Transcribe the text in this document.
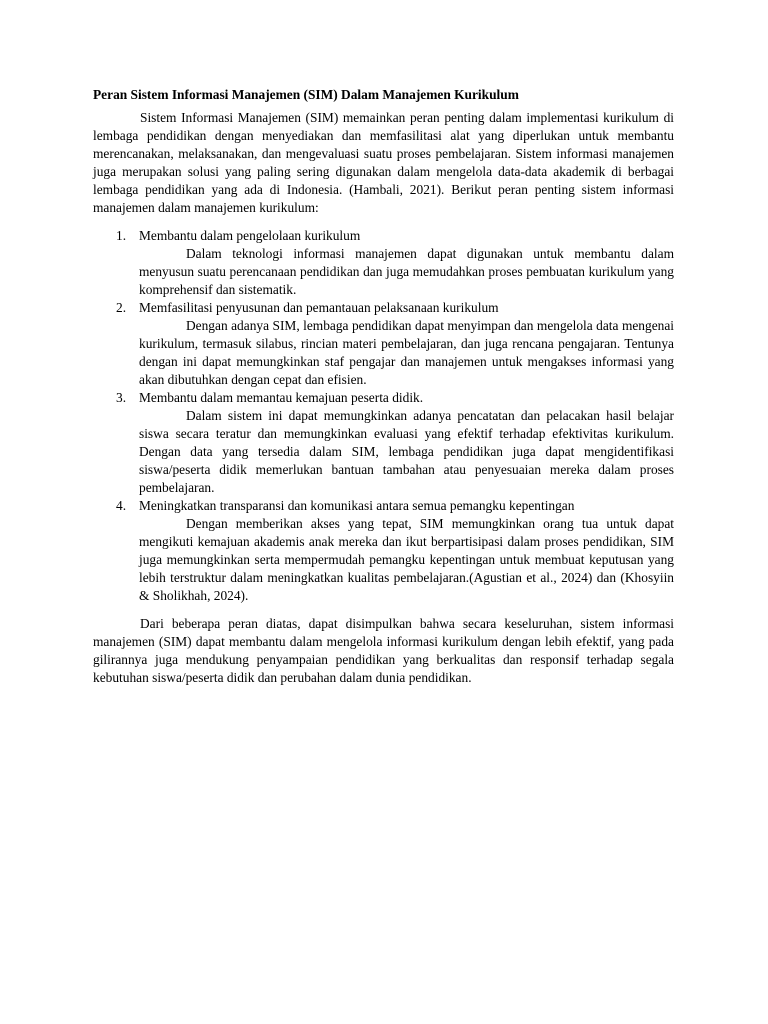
Peran Sistem Informasi Manajemen (SIM) Dalam Manajemen Kurikulum

Sistem Informasi Manajemen (SIM) memainkan peran penting dalam implementasi kurikulum di lembaga pendidikan dengan menyediakan dan memfasilitasi alat yang diperlukan untuk membantu merencanakan, melaksanakan, dan mengevaluasi suatu proses pembelajaran. Sistem informasi manajemen juga merupakan solusi yang paling sering digunakan dalam mengelola data-data akademik di berbagai lembaga pendidikan yang ada di Indonesia. (Hambali, 2021). Berikut peran penting sistem informasi manajemen dalam manajemen kurikulum:

1. Membantu dalam pengelolaan kurikulum

Dalam teknologi informasi manajemen dapat digunakan untuk membantu dalam menyusun suatu perencanaan pendidikan dan juga memudahkan proses pembuatan kurikulum yang komprehensif dan sistematik.

2. Memfasilitasi penyusunan dan pemantauan pelaksanaan kurikulum

Dengan adanya SIM, lembaga pendidikan dapat menyimpan dan mengelola data mengenai kurikulum, termasuk silabus, rincian materi pembelajaran, dan juga rencana pengajaran. Tentunya dengan ini dapat memungkinkan staf pengajar dan manajemen untuk mengakses informasi yang akan dibutuhkan dengan cepat dan efisien.

3. Membantu dalam memantau kemajuan peserta didik.

Dalam sistem ini dapat memungkinkan adanya pencatatan dan pelacakan hasil belajar siswa secara teratur dan memungkinkan evaluasi yang efektif terhadap efektivitas kurikulum. Dengan data yang tersedia dalam SIM, lembaga pendidikan juga dapat mengidentifikasi siswa/peserta didik memerlukan bantuan tambahan atau penyesuaian mereka dalam proses pembelajaran.

4. Meningkatkan transparansi dan komunikasi antara semua pemangku kepentingan

Dengan memberikan akses yang tepat, SIM memungkinkan orang tua untuk dapat mengikuti kemajuan akademis anak mereka dan ikut berpartisipasi dalam proses pendidikan, SIM juga memungkinkan serta mempermudah pemangku kepentingan untuk membuat keputusan yang lebih terstruktur dalam meningkatkan kualitas pembelajaran.(Agustian et al., 2024) dan (Khosyiin & Sholikhah, 2024).

Dari beberapa peran diatas, dapat disimpulkan bahwa secara keseluruhan, sistem informasi manajemen (SIM) dapat membantu dalam mengelola informasi kurikulum dengan lebih efektif, yang pada gilirannya juga mendukung penyampaian pendidikan yang berkualitas dan responsif terhadap segala kebutuhan siswa/peserta didik dan perubahan dalam dunia pendidikan.
